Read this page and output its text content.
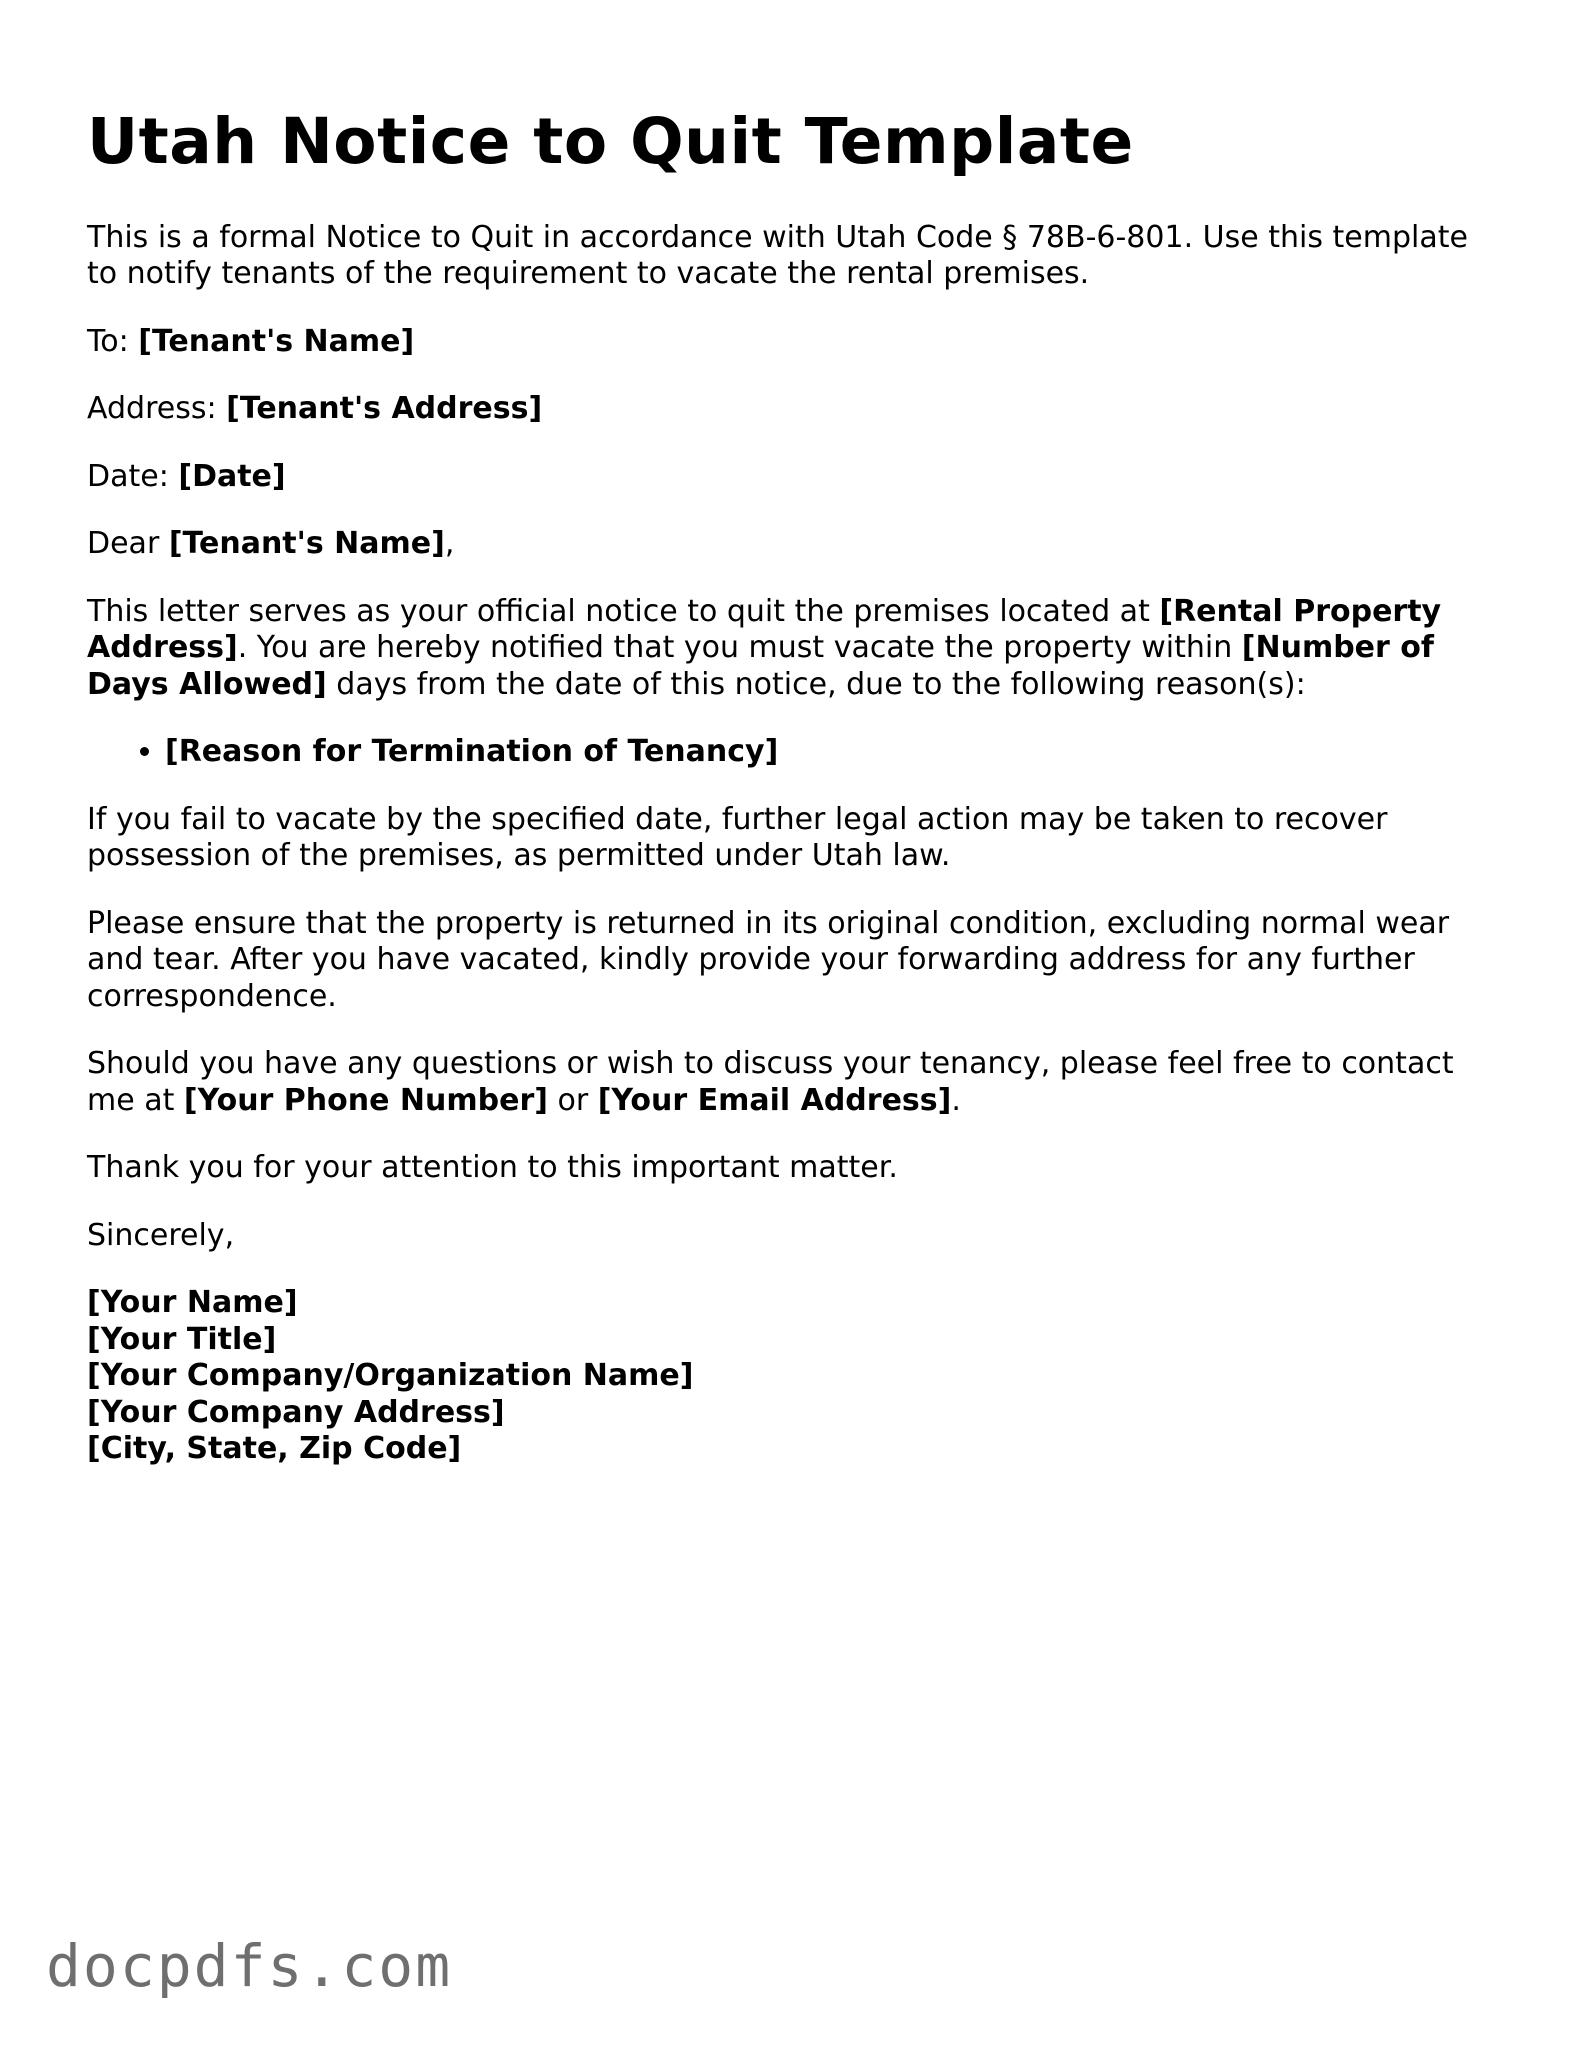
Utah Notice to Quit Template

This is a formal Notice to Quit in accordance with Utah Code § 78B-6-801. Use this template to notify tenants of the requirement to vacate the rental premises.

To: [Tenant's Name]

Address: [Tenant's Address]

Date: [Date]

Dear [Tenant's Name],

This letter serves as your official notice to quit the premises located at [Rental Property Address]. You are hereby notified that you must vacate the property within [Number of Days Allowed] days from the date of this notice, due to the following reason(s):

• [Reason for Termination of Tenancy]

If you fail to vacate by the specified date, further legal action may be taken to recover possession of the premises, as permitted under Utah law.

Please ensure that the property is returned in its original condition, excluding normal wear and tear. After you have vacated, kindly provide your forwarding address for any further correspondence.

Should you have any questions or wish to discuss your tenancy, please feel free to contact me at [Your Phone Number] or [Your Email Address].

Thank you for your attention to this important matter.

Sincerely,

[Your Name]
[Your Title]
[Your Company/Organization Name]
[Your Company Address]
[City, State, Zip Code]

docpdfs.com
